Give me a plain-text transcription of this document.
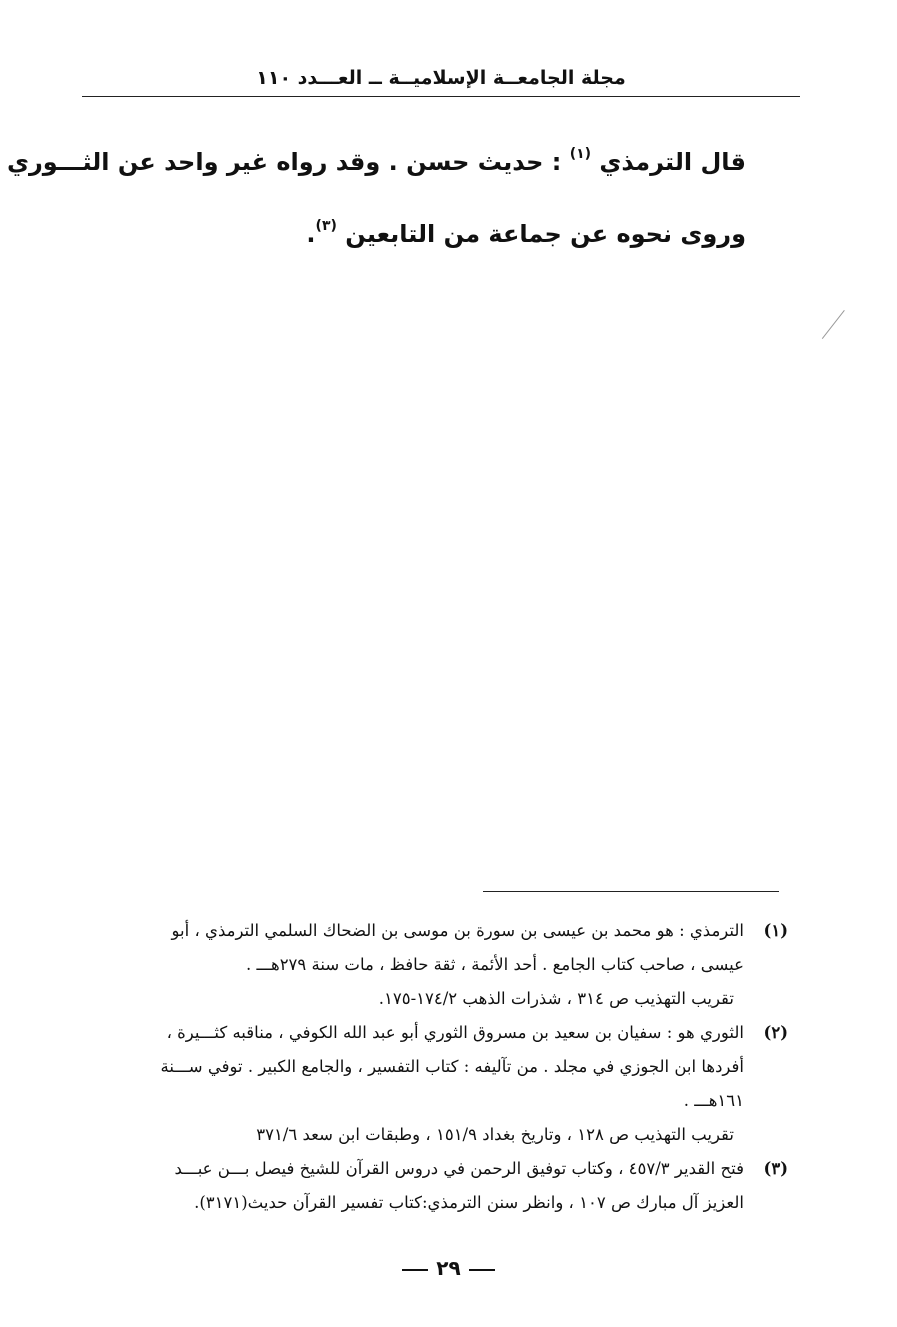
مجلة الجامعــة الإسلاميــة ــ العـــدد ١١٠
قال الترمذي $^{(١)}$ : حديث حسن . وقد رواه غير واحد عن الثـــوري
وروى نحوه عن جماعة من التابعين $^{(٣)}$.
(١)
الترمذي : هو محمد بن عيسى بن سورة بن موسى بن الضحاك السلمي الترمذي ، أبو
عيسى ، صاحب كتاب الجامع . أحد الأئمة ، ثقة حافظ ، مات سنة ٢٧٩هـــ .
تقريب التهذيب ص ٣١٤ ، شذرات الذهب ١٧٤/٢-١٧٥.
(٢)
الثوري هو : سفيان بن سعيد بن مسروق الثوري أبو عبد الله الكوفي ، مناقبه كثـــيرة ،
أفردها ابن الجوزي في مجلد . من تآليفه : كتاب التفسير ، والجامع الكبير . توفي ســـنة
١٦١هـــ .
تقريب التهذيب ص ١٢٨ ، وتاريخ بغداد ١٥١/٩ ، وطبقات ابن سعد ٣٧١/٦
(٣)
فتح القدير ٤٥٧/٣ ، وكتاب توفيق الرحمن في دروس القرآن للشيخ فيصل بـــن عبـــد
العزيز آل مبارك ص ١٠٧ ، وانظر سنن الترمذي:كتاب تفسير القرآن حديث(٣١٧١).
٢٩
